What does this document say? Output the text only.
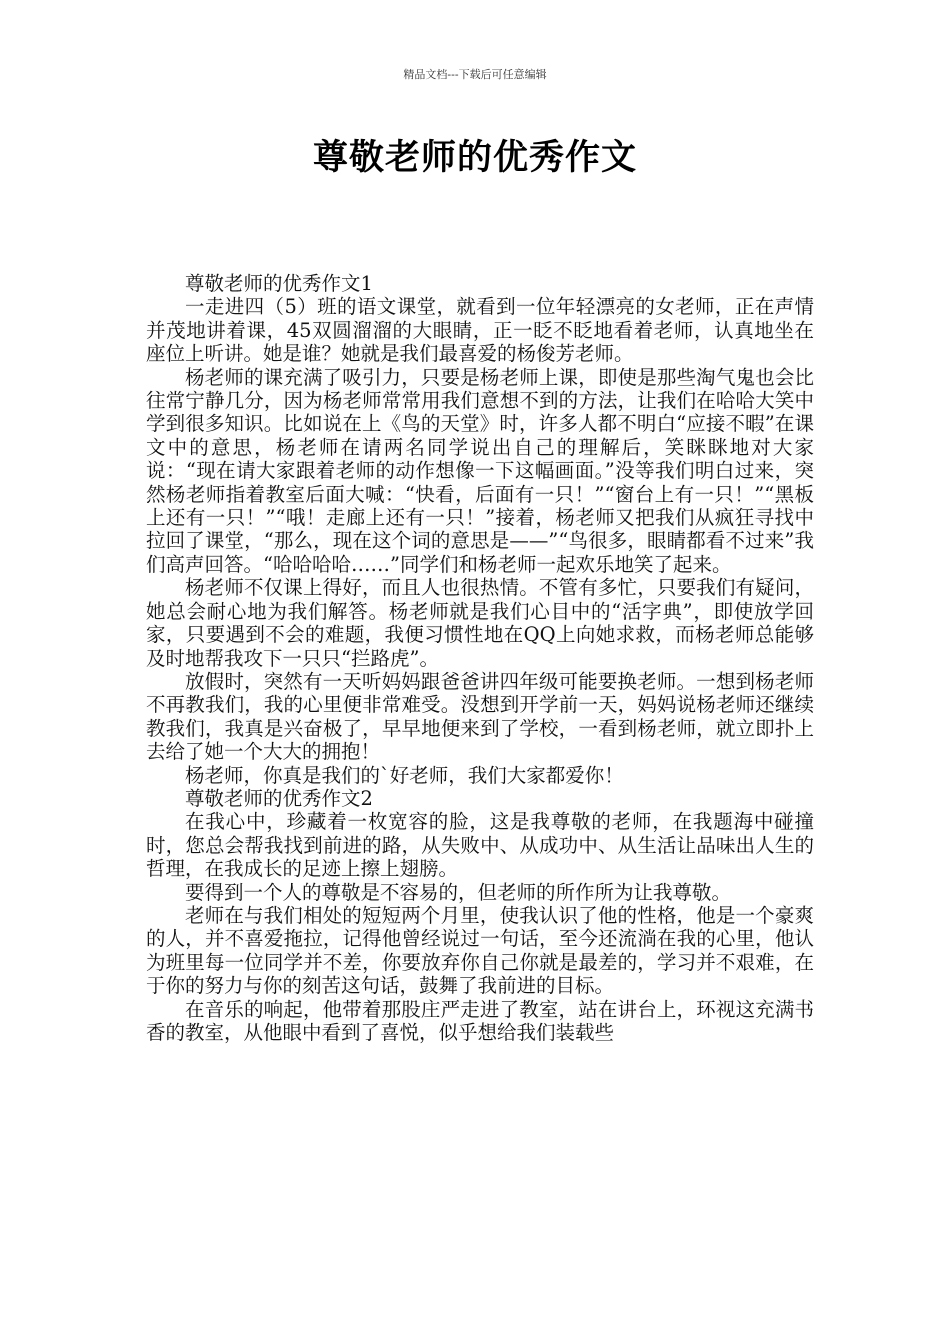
精品文档---下载后可任意编辑
尊敬老师的优秀作文

尊敬老师的优秀作文1

一走进四（5）班的语文课堂，就看到一位年轻漂亮的女老师，正在声情并茂地讲着课，45双圆溜溜的大眼睛，正一眨不眨地看着老师，认真地坐在座位上听讲。她是谁？她就是我们最喜爱的杨俊芳老师。

杨老师的课充满了吸引力，只要是杨老师上课，即使是那些淘气鬼也会比往常宁静几分，因为杨老师常常用我们意想不到的方法，让我们在哈哈大笑中学到很多知识。比如说在上《鸟的天堂》时，许多人都不明白“应接不暇”在课文中的意思，杨老师在请两名同学说出自己的理解后，笑眯眯地对大家说：“现在请大家跟着老师的动作想像一下这幅画面。”没等我们明白过来，突然杨老师指着教室后面大喊：“快看，后面有一只！”“窗台上有一只！”“黑板上还有一只！”“哦！走廊上还有一只！”接着，杨老师又把我们从疯狂寻找中拉回了课堂，“那么，现在这个词的意思是——”“鸟很多，眼睛都看不过来”我们高声回答。“哈哈哈哈……”同学们和杨老师一起欢乐地笑了起来。

杨老师不仅课上得好，而且人也很热情。不管有多忙，只要我们有疑问，她总会耐心地为我们解答。杨老师就是我们心目中的“活字典”，即使放学回家，只要遇到不会的难题，我便习惯性地在QQ上向她求救，而杨老师总能够及时地帮我攻下一只只“拦路虎”。

放假时，突然有一天听妈妈跟爸爸讲四年级可能要换老师。一想到杨老师不再教我们，我的心里便非常难受。没想到开学前一天，妈妈说杨老师还继续教我们，我真是兴奋极了，早早地便来到了学校，一看到杨老师，就立即扑上去给了她一个大大的拥抱！

杨老师，你真是我们的`好老师，我们大家都爱你！

尊敬老师的优秀作文2

在我心中，珍藏着一枚宽容的脸，这是我尊敬的老师，在我题海中碰撞时，您总会帮我找到前进的路，从失败中、从成功中、从生活让品味出人生的哲理，在我成长的足迹上擦上翅膀。

要得到一个人的尊敬是不容易的，但老师的所作所为让我尊敬。

老师在与我们相处的短短两个月里，使我认识了他的性格，他是一个豪爽的人，并不喜爱拖拉，记得他曾经说过一句话，至今还流淌在我的心里，他认为班里每一位同学并不差，你要放弃你自己你就是最差的，学习并不艰难，在于你的努力与你的刻苦这句话，鼓舞了我前进的目标。

在音乐的响起，他带着那股庄严走进了教室，站在讲台上，环视这充满书香的教室，从他眼中看到了喜悦，似乎想给我们装载些
